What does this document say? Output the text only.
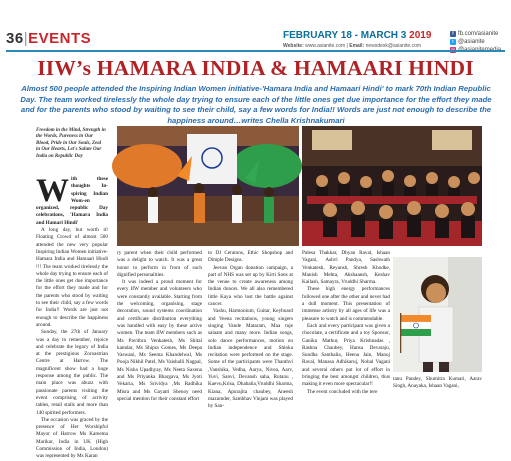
36|EVENTS	FEBRUARY 18 - MARCH 3 2019
Website: www.asianite.com | Email: newsdesk@asianite.com
f fb.com/asianite
t @asianite
IIW’s HAMARA INDIA & HAMAARI HINDI
Almost 500 people attended the Inspiring Indian Women initiative-'Hamara India and Hamaari Hindi' to mark 70th Indian Republic Day. The team worked tirelessly the whole day trying to ensure each of the little ones get due importance for the effort they made and for the parents who stood by waiting to see their child, say a few words for India!! Words are just not enough to describe the happiness around…writes Chella Krishnakumari
Freedom in the Mind, Strength in the Words, Pureness in Our Blood, Pride in Our Souls, Zeal in Our Hearts, Let's Salute Our India on Republic Day
With these thoughts In-spiring Indian Wom-en organized, republic Day celebrations, 'Hamara India and Hamari Hindi'

A long day, but worth it! Floating Crowd of almost 500 attended the new very popular Inspiring Indian Women initiative- Hamara India and Hamaari Hindi !!! The team worked tirelessly the whole day trying to ensure each of the little ones get due importance for the effort they made and for the parents who stood by waiting to see their child, say a few words for India!! Words are just not enough to describe the happiness around.

Sunday, the 27th of January was a day to remember, rejoice and celebrate the legacy of India at the prestigious Zoroastrian Centre at Harrow. The magnificent show had a huge response among the public. The main place was abuzz with passionate parents visiting the event comprising of activity tables, retail stalls and more than 140 spirited performers.

The occasion was graced by the presence of Her Worshipful Mayor of Harrow Ms Kareema Marikar, India in UK (High Commission of India, London) was represented by Ms Karan

ry parent when their child performed was a delight to watch. It was a great honor to perform in front of such dignified personalities.

It was indeed a proud moment for every IIW member and volunteers who were constantly available. Starting from the welcoming, organising, stage decoration, sound systems coordination and certificate distribution everything was handled with easy by these active women. The team IIW members such as Ms Pavithra Venkatesh, Ms Shital kamdar, Ms Shipra Gomes, Ms Deepa Vaswani, Ms Seema Khandelwal, Ms Pooja Nikhil Patel, Ms Vaishalli Nagpal, Ms Nisha Upadhyay, Ms Neeta Saxena and Ms Priyanka Bhargava, Ms Jyoti Vekaria, Ms Srividya ,Ms Radhika Misra and Ms Gayatri Shenoy need special mention for their constant effort

to DJ Ceratons, Ethic Shopshop and Dimple Designs.

Jeevan Organ donation campaign, a part of NHS was set up by Kirti Sons at the venue to create awareness among Indian donors. We all also remembered little Kaya who lost the battle against cancer.

Vashu, Harmonium, Guitar, Keyboard and Veena recitations, young singers singing Vande Mataram, Maa tuje salaam and many more. Indian songs, solo dance performances, motion on Indian independence and Shloka recitation were performed on the stage. Some of the participants were Thanthvi ,Vanshika, Vedha, Aarya, Nivea, Aarv, Yuvi, Sanvi, Devansh saha, Rutanu , Kaevu,Krisa, Dhabalia,Vruddhi Sharma, Kiana, Apurajita chaubey, Aneesh mazumder, Sambhav Vinjam was played by San-

Palesa Thakkar, Dhyan Raval, Ishaan Vagani, Ashvi Pandya, Sashwath Venkatesh, Reyansh, Shresh Khodke, Manish Mehta, Akshaansh, Keshav Kailash, Samayra, Vruddhi Sharma.

These high energy performances followed one after the other and never had a dull moment. This presentation of immense artistry by all ages of life was a pleasure to watch and is commendable.

Each and every participant was given a chocolate, a certificate and a toy Sponsor, Ganika Mathur, Priya Krishnadas , Rashna Chaubey, Hansa Devaraju, Sundha Santhalia, Heena Jain, Manoj Raval, Manasa Adhikaruj, Nobal Vagani and several others put lot of effort in bringing the best amongst children, thus making it even more spectacular!!

The event concluded with the tere

tanu Pandey, Shumitra Kumari, Aarav Singh, Anayaka, Ishaan Vagani,
